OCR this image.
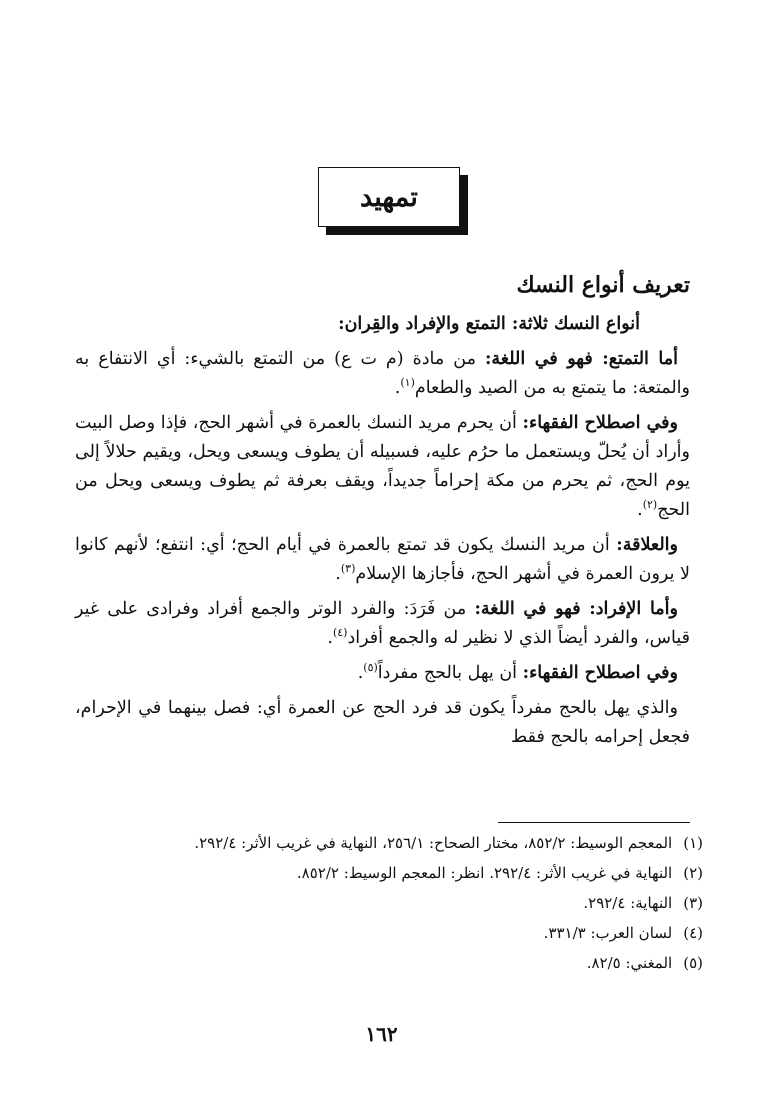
تمهيد
تعريف أنواع النسك

أنواع النسك ثلاثة: التمتع والإفراد والقِران:

أما التمتع: فهو في اللغة: من مادة (م ت ع) من التمتع بالشيء: أي الانتفاع به والمتعة: ما يتمتع به من الصيد والطعام$^{(١)}$.

وفي اصطلاح الفقهاء: أن يحرم مريد النسك بالعمرة في أشهر الحج، فإذا وصل البيت وأراد أن يُحلّ ويستعمل ما حرُم عليه، فسبيله أن يطوف ويسعى ويحل، ويقيم حلالاً إلى يوم الحج، ثم يحرم من مكة إحراماً جديداً، ويقف بعرفة ثم يطوف ويسعى ويحل من الحج$^{(٢)}$.

والعلاقة: أن مريد النسك يكون قد تمتع بالعمرة في أيام الحج؛ أي: انتفع؛ لأنهم كانوا لا يرون العمرة في أشهر الحج، فأجازها الإسلام$^{(٣)}$.

وأما الإفراد: فهو في اللغة: من فَرَدَ: والفرد الوتر والجمع أفراد وفرادى على غير قياس، والفرد أيضاً الذي لا نظير له والجمع أفراد$^{(٤)}$.

وفي اصطلاح الفقهاء: أن يهل بالحج مفرداً$^{(٥)}$.

والذي يهل بالحج مفرداً يكون قد فرد الحج عن العمرة أي: فصل بينهما في الإحرام، فجعل إحرامه بالحج فقط

(١) المعجم الوسيط: ٨٥٢/٢، مختار الصحاح: ٢٥٦/١، النهاية في غريب الأثر: ٢٩٢/٤.
(٢) النهاية في غريب الأثر: ٢٩٢/٤. انظر: المعجم الوسيط: ٨٥٢/٢.
(٣) النهاية: ٢٩٢/٤.
(٤) لسان العرب: ٣٣١/٣.
(٥) المغني: ٨٢/٥.
١٦٢
